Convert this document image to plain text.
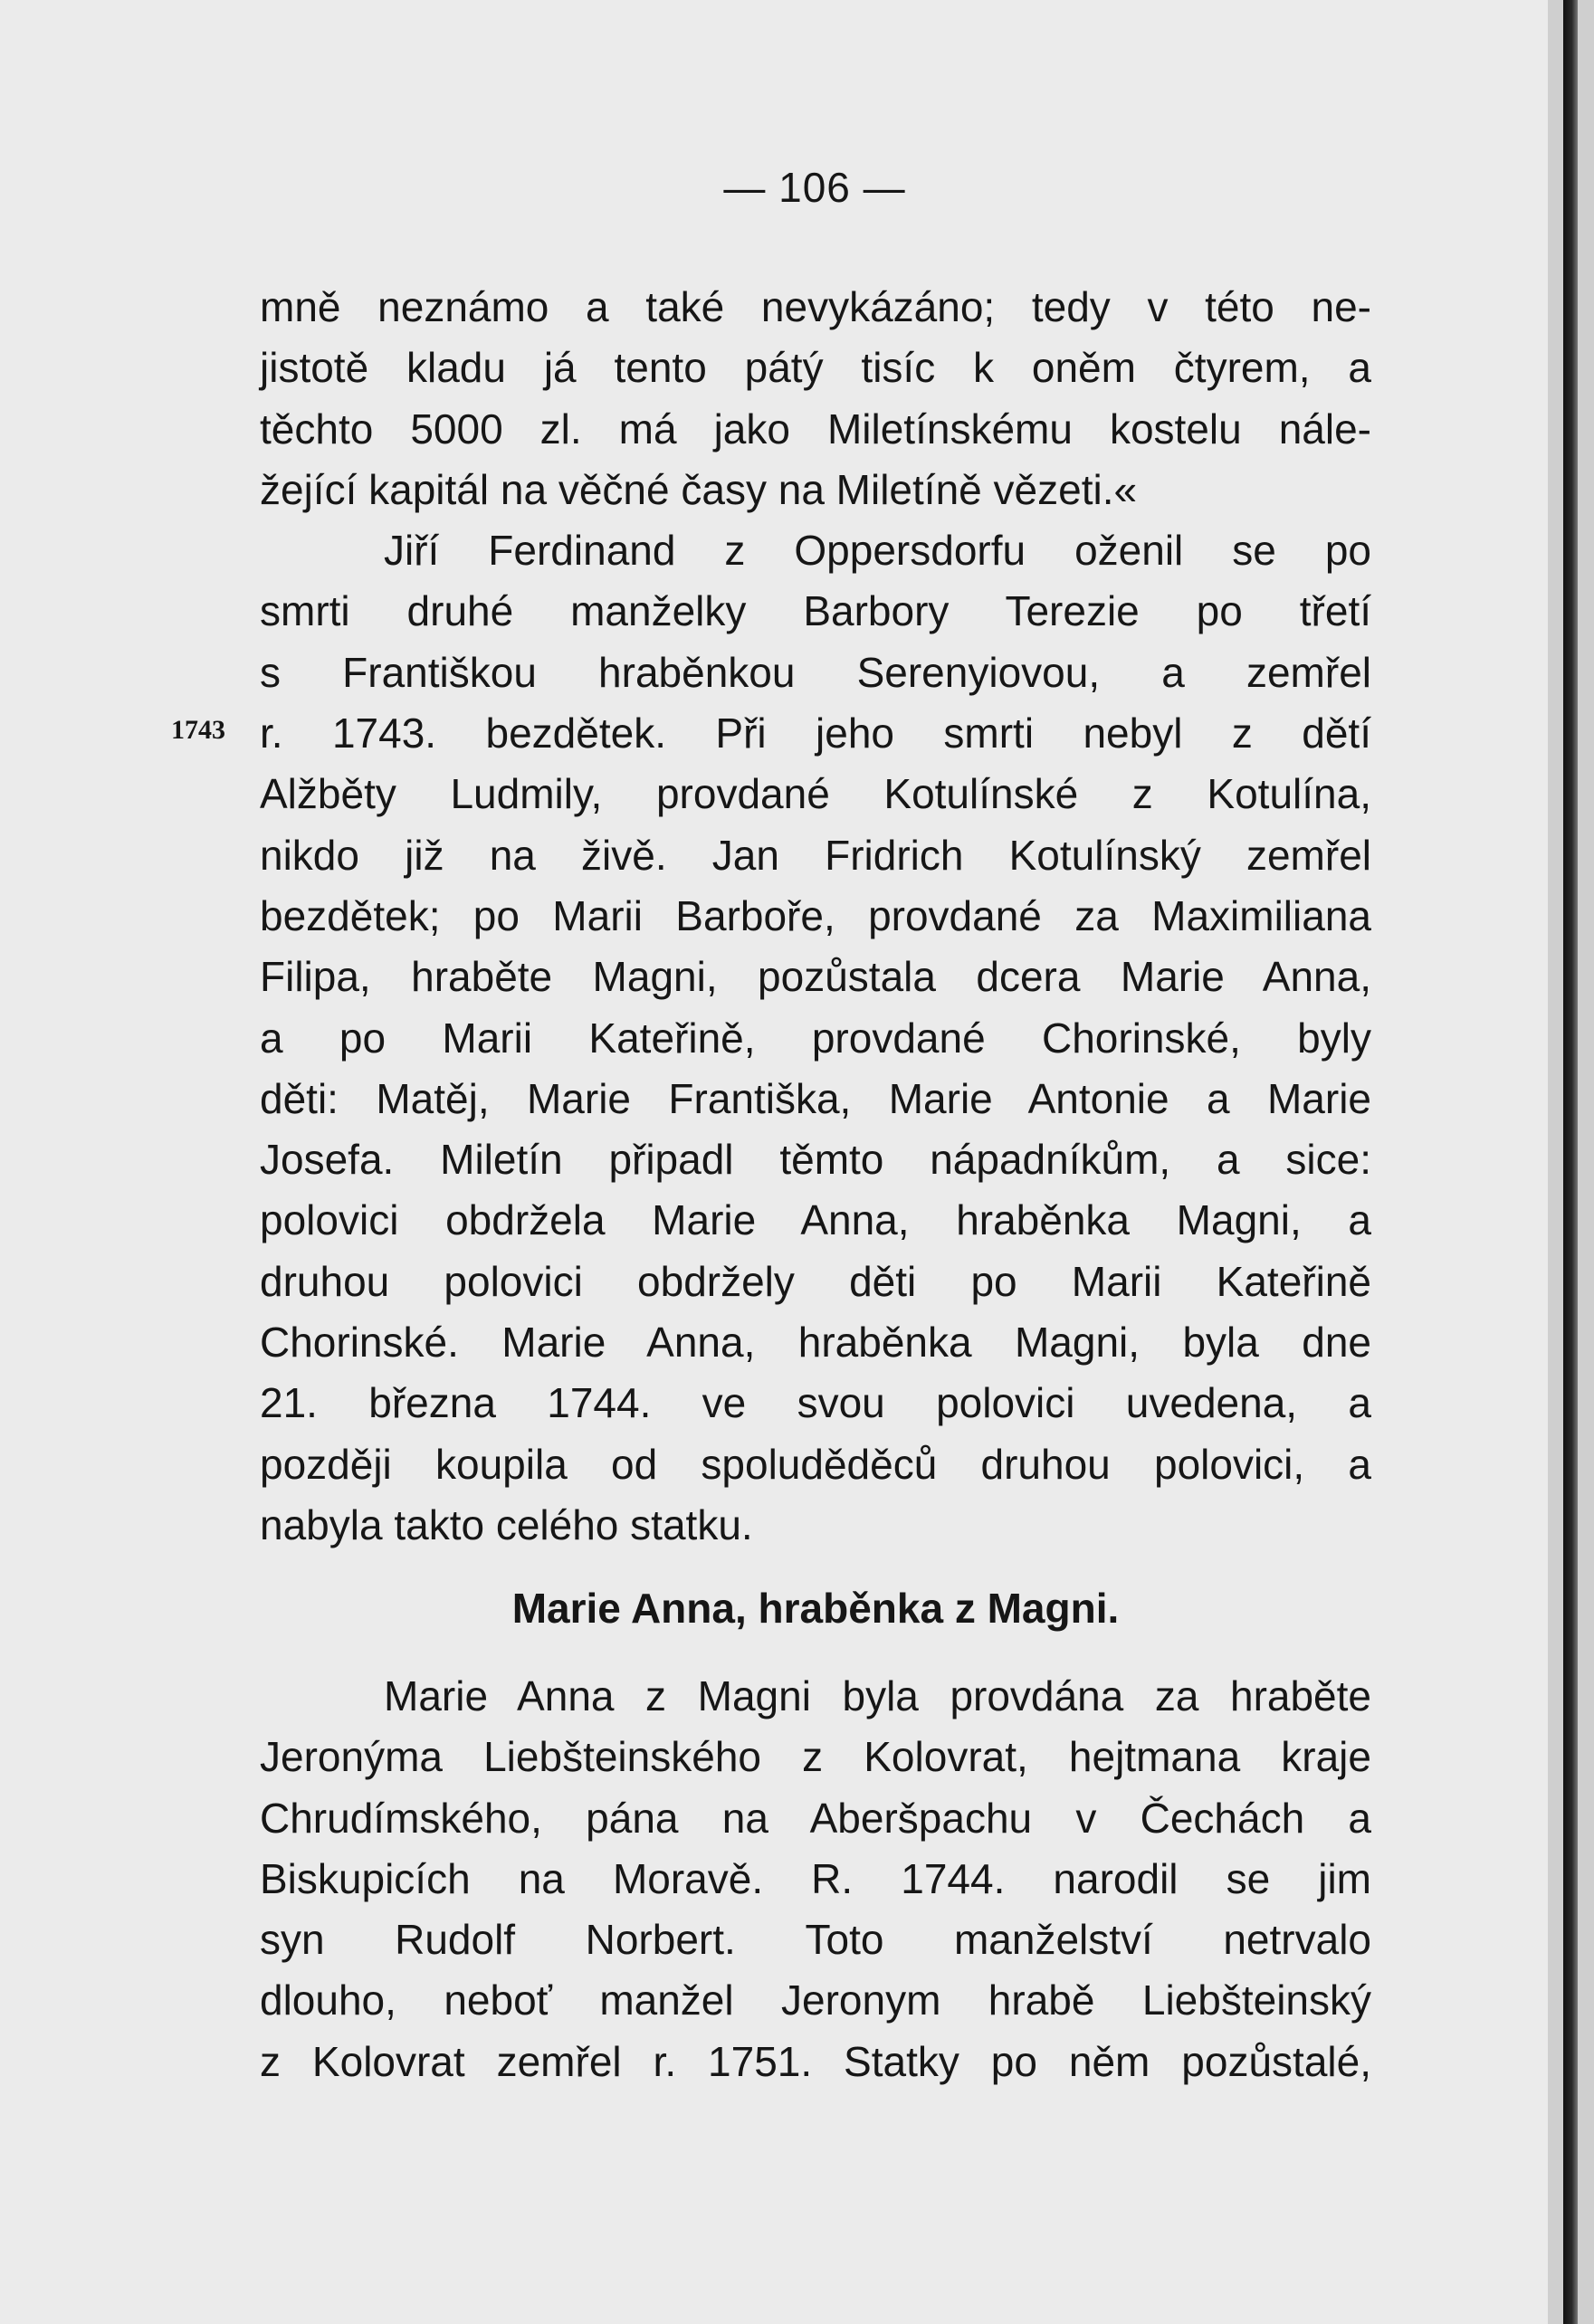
— 106 —
1743
mně neznámo a také nevykázáno; tedy v této ne-
jistotě kladu já tento pátý tisíc k oněm čtyrem, a
těchto 5000 zl. má jako Miletínskému kostelu nále-
žející kapitál na věčné časy na Miletíně vězeti.«
Jiří Ferdinand z Oppersdorfu oženil se po
smrti druhé manželky Barbory Terezie po třetí
s Františkou hraběnkou Serenyiovou, a zemřel
r. 1743. bezdětek. Při jeho smrti nebyl z dětí
Alžběty Ludmily, provdané Kotulínské z Kotulína,
nikdo již na živě. Jan Fridrich Kotulínský zemřel
bezdětek; po Marii Barboře, provdané za Maximiliana
Filipa, hraběte Magni, pozůstala dcera Marie Anna,
a po Marii Kateřině, provdané Chorinské, byly
děti: Matěj, Marie Františka, Marie Antonie a Marie
Josefa. Miletín připadl těmto nápadníkům, a sice:
polovici obdržela Marie Anna, hraběnka Magni, a
druhou polovici obdržely děti po Marii Kateřině
Chorinské. Marie Anna, hraběnka Magni, byla dne
21. března 1744. ve svou polovici uvedena, a
později koupila od spoluděděců druhou polovici, a
nabyla takto celého statku.
Marie Anna, hraběnka z Magni.
Marie Anna z Magni byla provdána za hraběte
Jeronýma Liebšteinského z Kolovrat, hejtmana kraje
Chrudímského, pána na Aberšpachu v Čechách a
Biskupicích na Moravě. R. 1744. narodil se jim
syn Rudolf Norbert. Toto manželství netrvalo
dlouho, neboť manžel Jeronym hrabě Liebšteinský
z Kolovrat zemřel r. 1751. Statky po něm pozůstalé,
